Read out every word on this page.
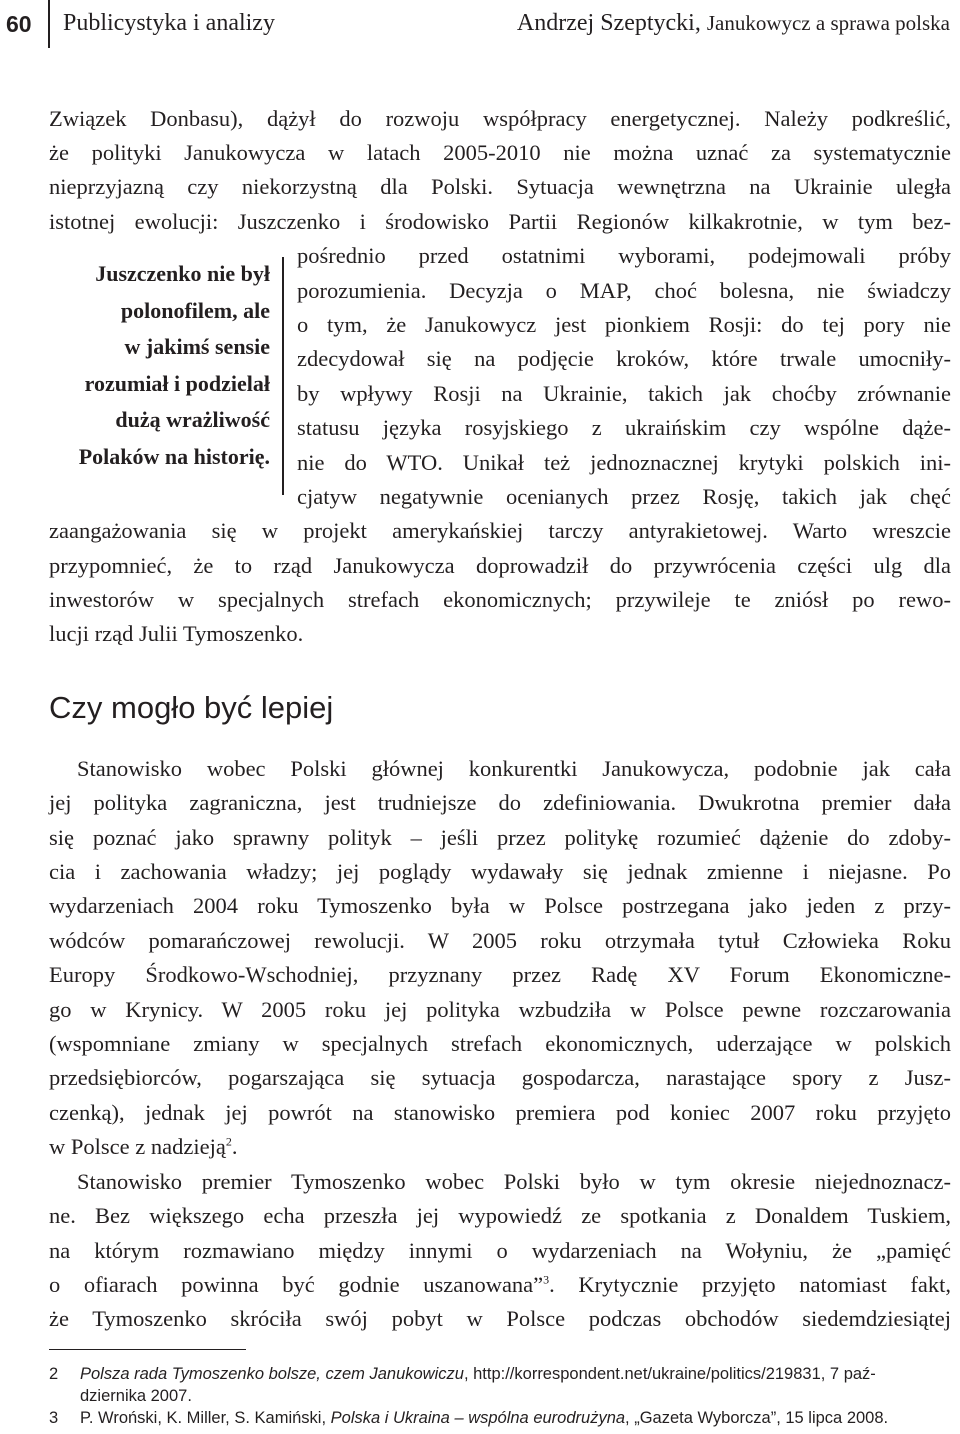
60 Publicystyka i analizy	Andrzej Szeptycki, Janukowycz a sprawa polska
Związek Donbasu), dążył do rozwoju współpracy energetycznej. Należy podkreślić,
że polityki Janukowycza w latach 2005-2010 nie można uznać za systematycznie
nieprzyjazną czy niekorzystną dla Polski. Sytuacja wewnętrzna na Ukrainie uległa
istotnej ewolucji: Juszczenko i środowisko Partii Regionów kilkakrotnie, w tym bez-
pośrednio przed ostatnimi wyborami, podejmowali próby
porozumienia. Decyzja o MAP, choć bolesna, nie świadczy
o tym, że Janukowycz jest pionkiem Rosji: do tej pory nie
zdecydował się na podjęcie kroków, które trwale umocniły-
by wpływy Rosji na Ukrainie, takich jak choćby zrównanie
statusu języka rosyjskiego z ukraińskim czy wspólne dąże-
nie do WTO. Unikał też jednoznacznej krytyki polskich ini-
cjatyw negatywnie ocenianych przez Rosję, takich jak chęć
Juszczenko nie był
polonofilem, ale
w jakimś sensie
rozumiał i podzielał
dużą wrażliwość
Polaków na historię.
zaangażowania się w projekt amerykańskiej tarczy antyrakietowej. Warto wreszcie
przypomnieć, że to rząd Janukowycza doprowadził do przywrócenia części ulg dla
inwestorów w specjalnych strefach ekonomicznych; przywileje te zniósł po rewo-
lucji rząd Julii Tymoszenko.
Czy mogło być lepiej
Stanowisko wobec Polski głównej konkurentki Janukowycza, podobnie jak cała
jej polityka zagraniczna, jest trudniejsze do zdefiniowania. Dwukrotna premier dała
się poznać jako sprawny polityk – jeśli przez politykę rozumieć dążenie do zdoby-
cia i zachowania władzy; jej poglądy wydawały się jednak zmienne i niejasne. Po
wydarzeniach 2004 roku Tymoszenko była w Polsce postrzegana jako jeden z przy-
wódców pomarańczowej rewolucji. W 2005 roku otrzymała tytuł Człowieka Roku
Europy Środkowo-Wschodniej, przyznany przez Radę XV Forum Ekonomiczne-
go w Krynicy. W 2005 roku jej polityka wzbudziła w Polsce pewne rozczarowania
(wspomniane zmiany w specjalnych strefach ekonomicznych, uderzające w polskich
przedsiębiorców, pogarszająca się sytuacja gospodarcza, narastające spory z Jusz-
czenką), jednak jej powrót na stanowisko premiera pod koniec 2007 roku przyjęto
w Polsce z nadzieją$^2$.
Stanowisko premier Tymoszenko wobec Polski było w tym okresie niejednoznacz-
ne. Bez większego echa przeszła jej wypowiedź ze spotkania z Donaldem Tuskiem,
na którym rozmawiano między innymi o wydarzeniach na Wołyniu, że „pamięć
o ofiarach powinna być godnie uszanowana”$^3$. Krytycznie przyjęto natomiast fakt,
że Tymoszenko skróciła swój pobyt w Polsce podczas obchodów siedemdziesiątej
2 Polsza rada Tymoszenko bolsze, czem Janukowiczu, http://korrespondent.net/ukraine/politics/219831, 7 paź-
dziernika 2007.
3 P. Wroński, K. Miller, S. Kamiński, Polska i Ukraina – wspólna eurodrużyna, „Gazeta Wyborcza”, 15 lipca 2008.
